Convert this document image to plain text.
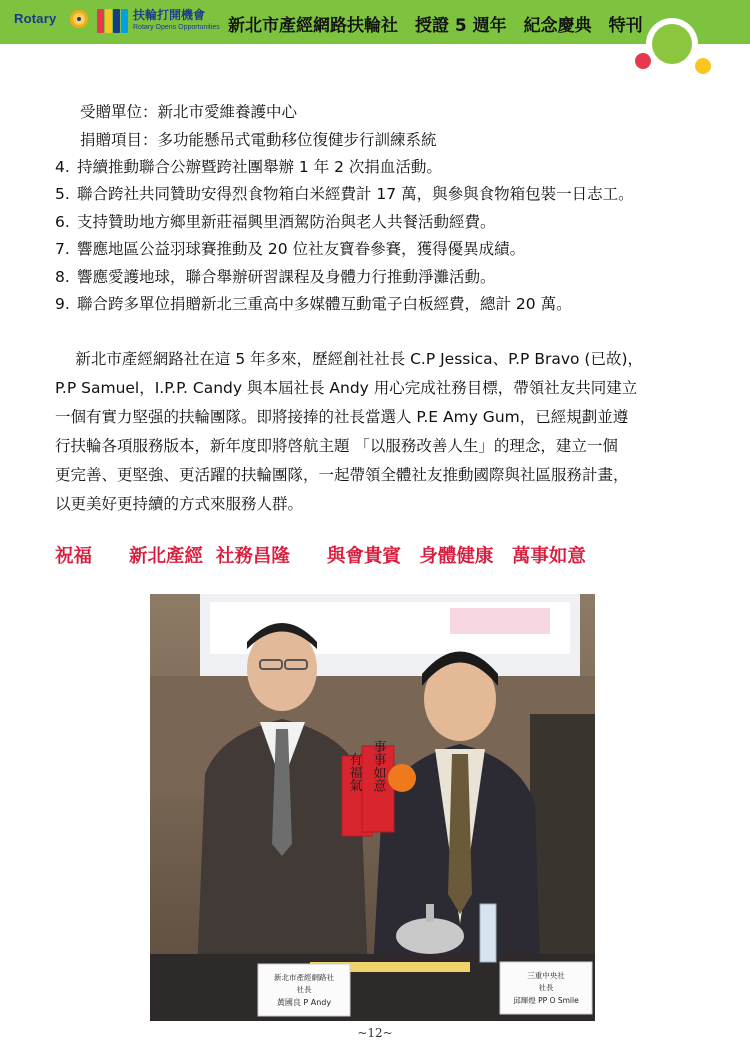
Rotary	扶輪打開機會
Rotary Opens Opportunities 新北市產經網路扶輪社　授證 5 週年　紀念慶典　特刊
受贈單位：新北市愛維養護中心
捐贈項目：多功能懸吊式電動移位復健步行訓練系統
4. 持續推動聯合公辦暨跨社團舉辦 1 年 2 次捐血活動。
5. 聯合跨社共同贊助安得烈食物箱白米經費計 17 萬，與參與食物箱包裝一日志工。
6. 支持贊助地方鄉里新莊福興里酒駕防治與老人共餐活動經費。
7. 響應地區公益羽球賽推動及 20 位社友寶眷參賽，獲得優異成績。
8. 響應愛護地球，聯合舉辦研習課程及身體力行推動淨灘活動。
9. 聯合跨多單位捐贈新北三重高中多媒體互動電子白板經費，總計 20 萬。
　 新北市產經網路社在這 5 年多來，歷經創社社長 C.P Jessica、P.P Bravo (已故)，
P.P Samuel，I.P.P. Candy 與本屆社長 Andy 用心完成社務目標，帶領社友共同建立
一個有實力堅强的扶輪團隊。即將接捧的社長當選人 P.E Amy Gum，已經規劃並遵
行扶輪各項服務版本，新年度即將啓航主題 「以服務改善人生」的理念，建立一個
更完善、更堅強、更活躍的扶輪團隊，一起帶領全體社友推動國際與社區服務計畫，
以更美好更持續的方式來服務人群。
祝福　　新北產經  社務昌隆　　與會貴賓　身體健康　萬事如意
事事如意
有福氣
新北市產經網路社
社長
黃國良 P Andy
三重中央社
社長
邱輝煌 PP O Smile
~12~
